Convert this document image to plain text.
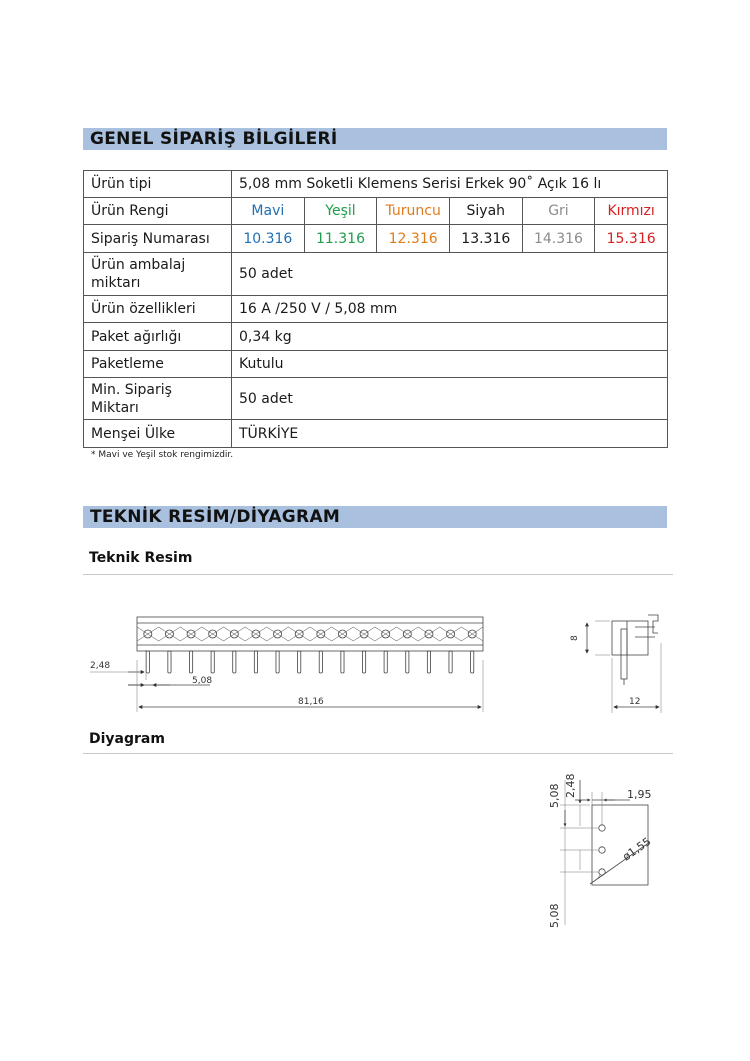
GENEL SİPARİŞ BİLGİLERİ
Ürün tipi	5,08 mm Soketli Klemens Serisi Erkek 90˚ Açık 16 lı					
Ürün Rengi	Mavi	Yeşil	Turuncu	Siyah	Gri	Kırmızı
Sipariş Numarası	10.316	11.316	12.316	13.316	14.316	15.316
Ürün ambalaj miktarı	50 adet					
Ürün özellikleri	16 A /250 V / 5,08 mm					
Paket ağırlığı	0,34 kg					
Paketleme	Kutulu					
Min. Sipariş Miktarı	50 adet					
Menşei Ülke	TÜRKİYE					
* Mavi ve Yeşil stok rengimizdir.
TEKNİK RESİM/DİYAGRAM
Teknik Resim
2,48
5,08
81,16
8
12
Diyagram
5,08 2,48	1,95
ø1,55
5,08
